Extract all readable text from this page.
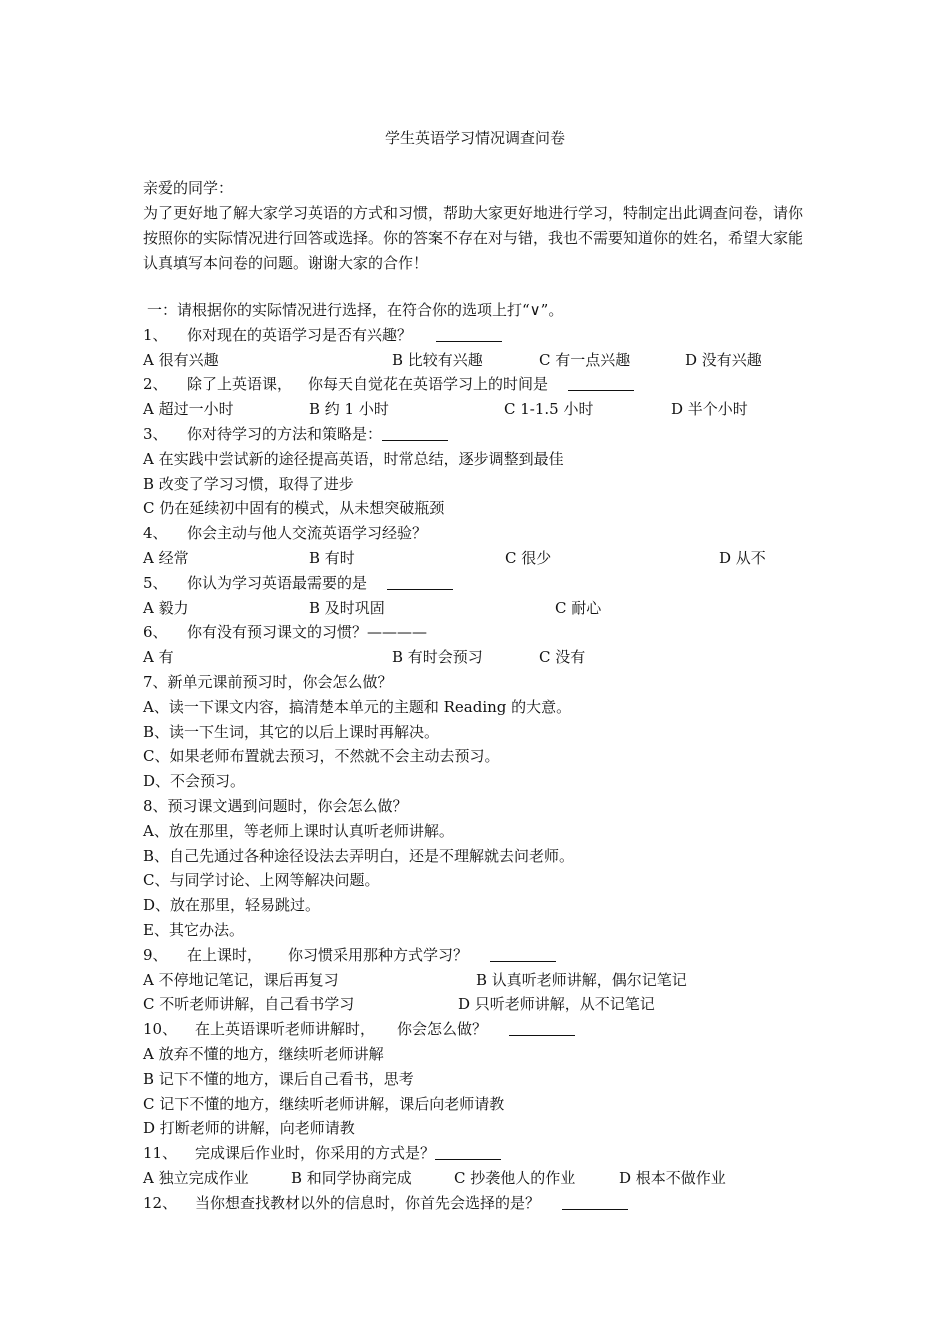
学生英语学习情况调查问卷

亲爱的同学：

为了更好地了解大家学习英语的方式和习惯，帮助大家更好地进行学习，特制定出此调查问卷，请你按照你的实际情况进行回答或选择。你的答案不存在对与错，我也不需要知道你的姓名，希望大家能认真填写本问卷的问题。谢谢大家的合作！

一：请根据你的实际情况进行选择，在符合你的选项上打“∨”。
1、 你对现在的英语学习是否有兴趣？
A 很有兴趣	B 比较有兴趣	C 有一点兴趣	D 没有兴趣
2、 除了上英语课， 你每天自觉花在英语学习上的时间是
A 超过一小时	B 约 1 小时	C 1-1.5 小时	D 半个小时
3、 你对待学习的方法和策略是：
A 在实践中尝试新的途径提高英语，时常总结，逐步调整到最佳
B 改变了学习习惯，取得了进步
C 仍在延续初中固有的模式，从未想突破瓶颈
4、 你会主动与他人交流英语学习经验？
A 经常	B 有时	C 很少	D 从不
5、 你认为学习英语最需要的是
A 毅力	B 及时巩固	C 耐心
6、 你有没有预习课文的习惯？————
A 有	B 有时会预习	C 没有
7、新单元课前预习时，你会怎么做？
A、读一下课文内容，搞清楚本单元的主题和 Reading 的大意。
B、读一下生词，其它的以后上课时再解决。
C、如果老师布置就去预习，不然就不会主动去预习。
D、不会预习。
8、预习课文遇到问题时，你会怎么做？
A、放在那里，等老师上课时认真听老师讲解。
B、自己先通过各种途径设法去弄明白，还是不理解就去问老师。
C、与同学讨论、上网等解决问题。
D、放在那里，轻易跳过。
E、其它办法。
9、 在上课时， 你习惯采用那种方式学习？
A 不停地记笔记，课后再复习	B 认真听老师讲解，偶尔记笔记
C 不听老师讲解，自己看书学习	D 只听老师讲解，从不记笔记
10、 在上英语课听老师讲解时， 你会怎么做？
A 放弃不懂的地方，继续听老师讲解
B 记下不懂的地方，课后自己看书，思考
C 记下不懂的地方，继续听老师讲解，课后向老师请教
D 打断老师的讲解，向老师请教
11、 完成课后作业时，你采用的方式是？
A 独立完成作业	B 和同学协商完成	C 抄袭他人的作业	D 根本不做作业
12、 当你想查找教材以外的信息时，你首先会选择的是？
